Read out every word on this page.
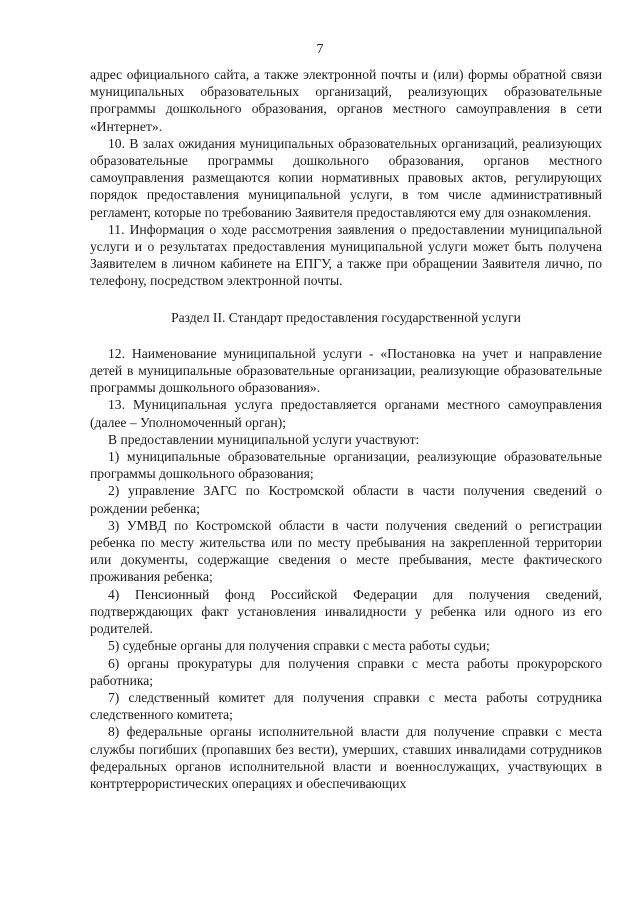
7

адрес официального сайта, а также электронной почты и (или) формы обратной связи муниципальных образовательных организаций, реализующих образовательные программы дошкольного образования, органов местного самоуправления в сети «Интернет».

10. В залах ожидания муниципальных образовательных организаций, реализующих образовательные программы дошкольного образования, органов местного самоуправления размещаются копии нормативных правовых актов, регулирующих порядок предоставления муниципальной услуги, в том числе административный регламент, которые по требованию Заявителя предоставляются ему для ознакомления.

11. Информация о ходе рассмотрения заявления о предоставлении муниципальной услуги и о результатах предоставления муниципальной услуги может быть получена Заявителем в личном кабинете на ЕПГУ, а также при обращении Заявителя лично, по телефону, посредством электронной почты.

Раздел II. Стандарт предоставления государственной услуги

12. Наименование муниципальной услуги - «Постановка на учет и направление детей в муниципальные образовательные организации, реализующие образовательные программы дошкольного образования».

13. Муниципальная услуга предоставляется органами местного самоуправления (далее – Уполномоченный орган);

В предоставлении муниципальной услуги участвуют:

1) муниципальные образовательные организации, реализующие образовательные программы дошкольного образования;

2) управление ЗАГС по Костромской области в части получения сведений о рождении ребенка;

3) УМВД по Костромской области в части получения сведений о регистрации ребенка по месту жительства или по месту пребывания на закрепленной территории или документы, содержащие сведения о месте пребывания, месте фактического проживания ребенка;

4) Пенсионный фонд Российской Федерации для получения сведений, подтверждающих факт установления инвалидности у ребенка или одного из его родителей.

5) судебные органы для получения справки с места работы судьи;

6) органы прокуратуры для получения справки с места работы прокурорского работника;

7) следственный комитет для получения справки с места работы сотрудника следственного комитета;

8) федеральные органы исполнительной власти для получение справки с места службы погибших (пропавших без вести), умерших, ставших инвалидами сотрудников федеральных органов исполнительной власти и военнослужащих, участвующих в контртеррористических операциях и обеспечивающих
